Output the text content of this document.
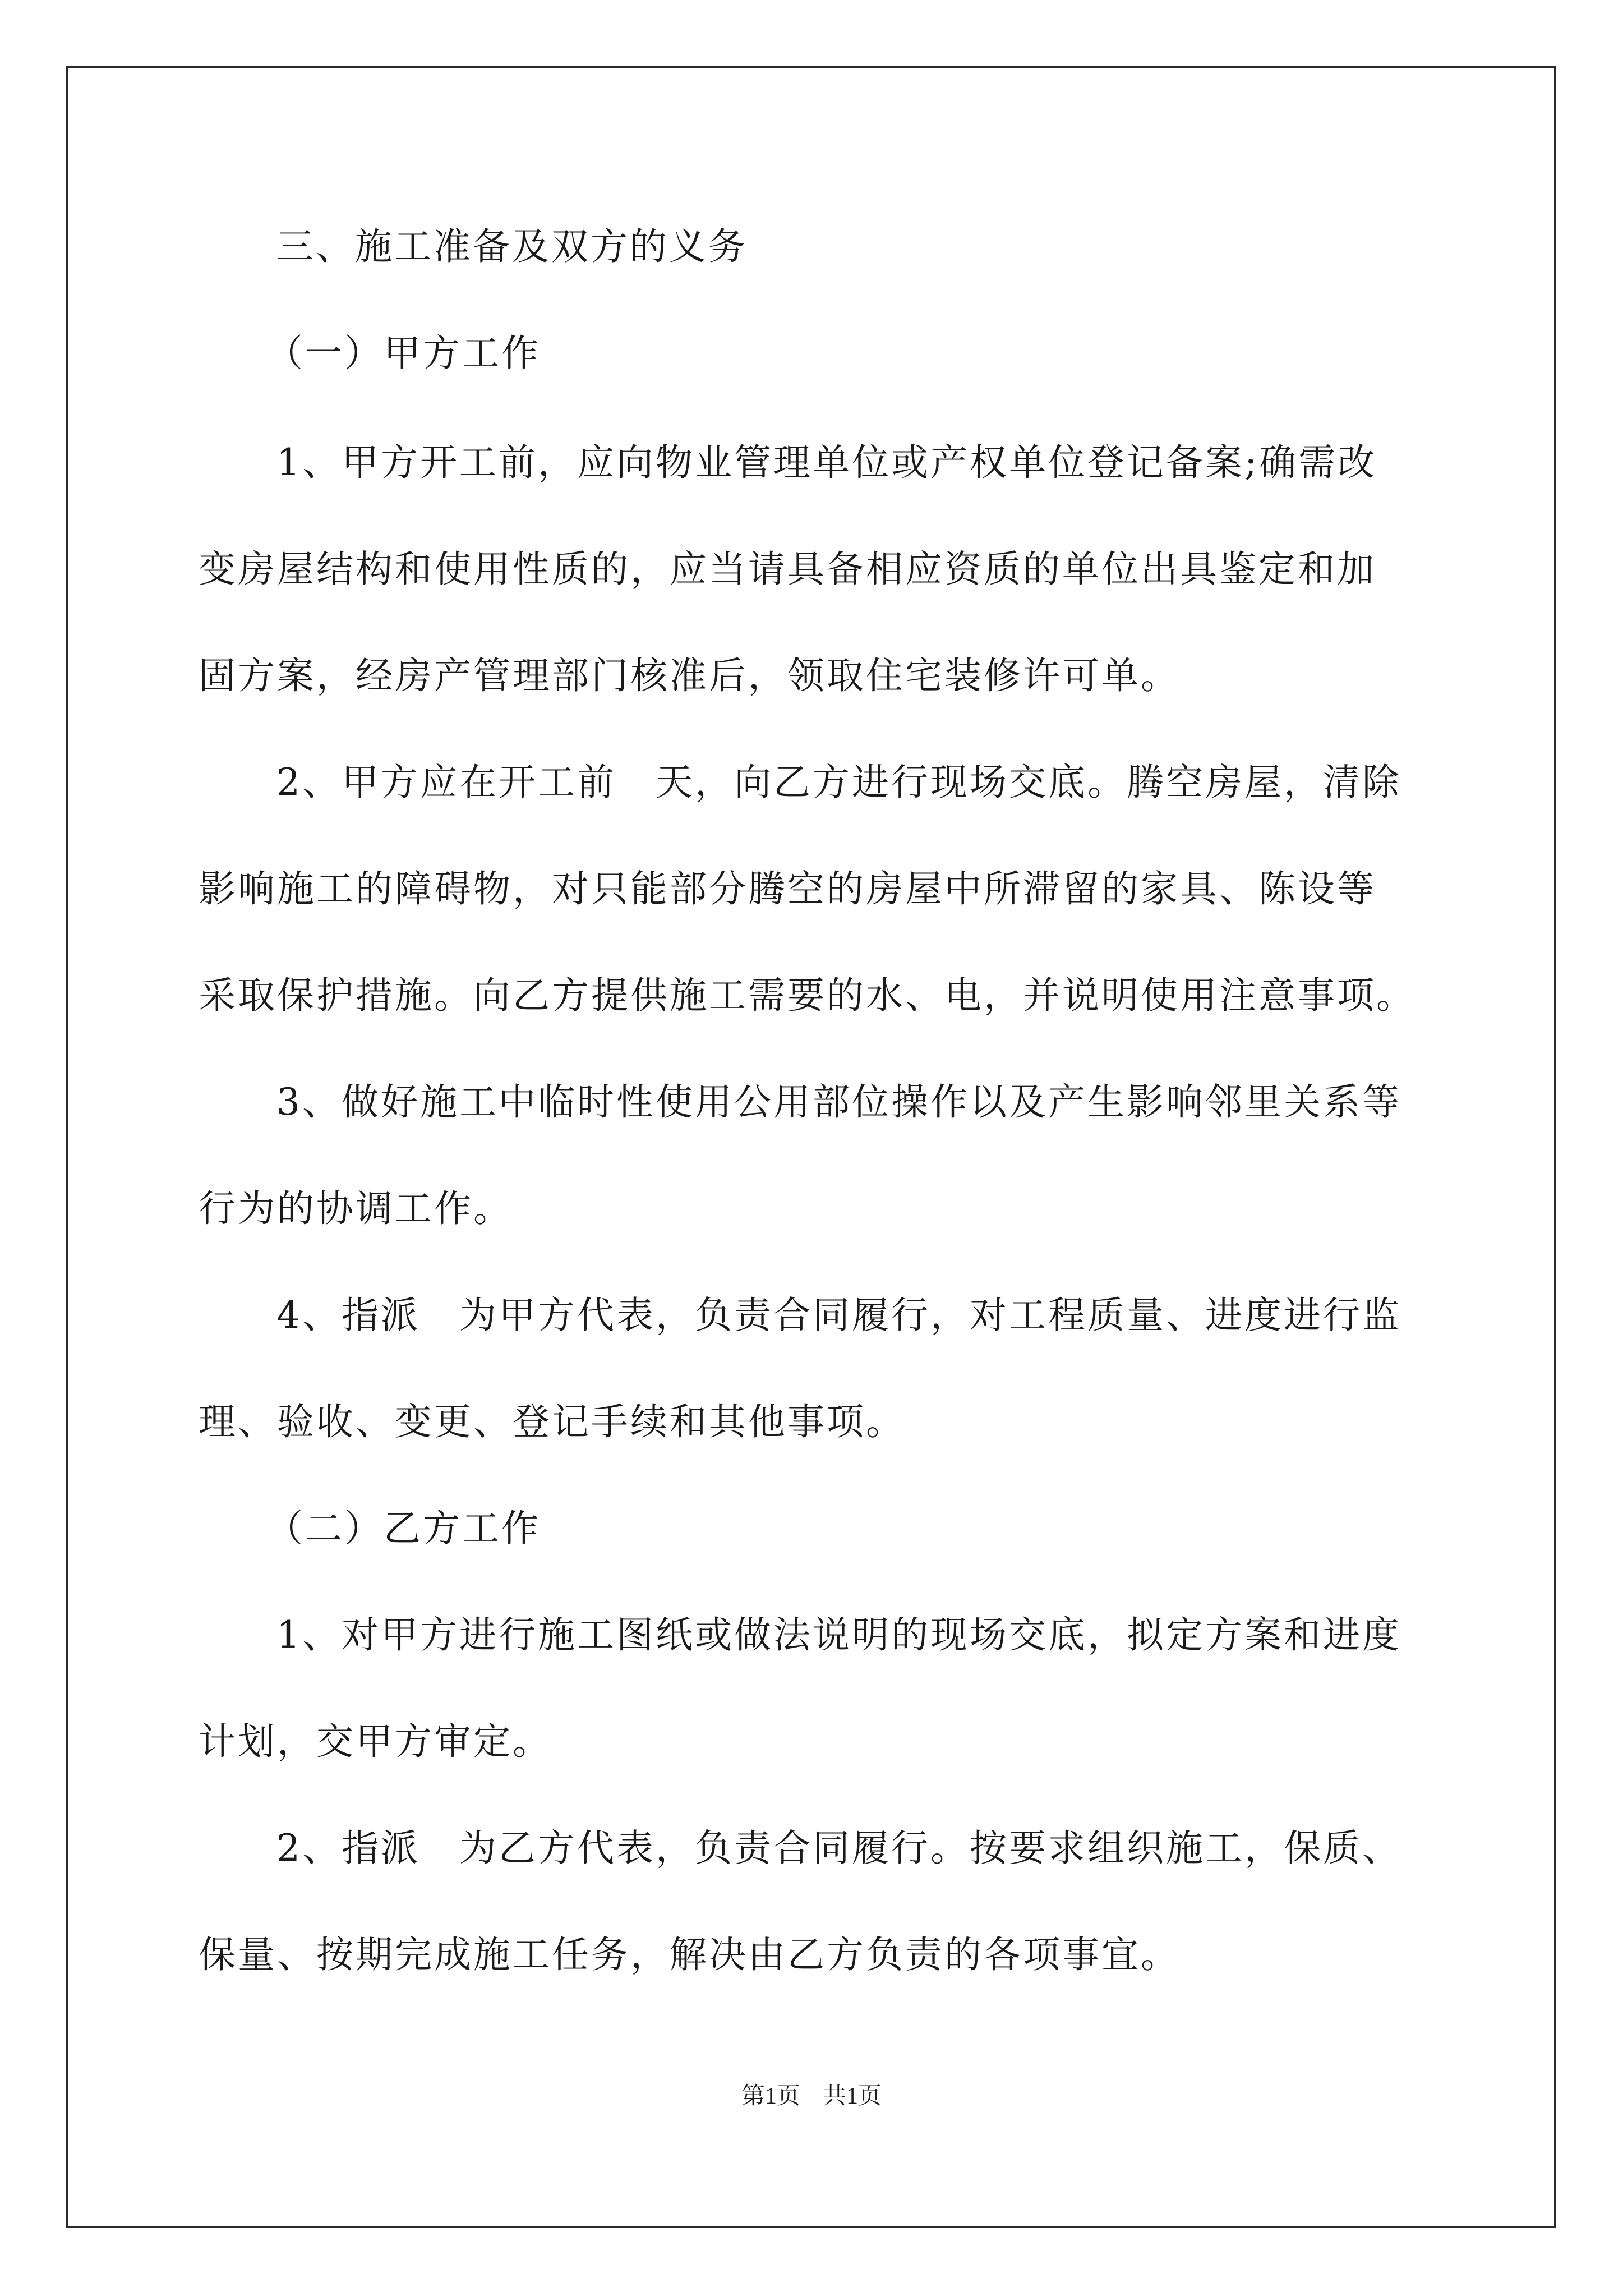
三、施工准备及双方的义务
（一）甲方工作
1、甲方开工前，应向物业管理单位或产权单位登记备案;确需改
变房屋结构和使用性质的，应当请具备相应资质的单位出具鉴定和加
固方案，经房产管理部门核准后，领取住宅装修许可单。
2、甲方应在开工前　天，向乙方进行现场交底。腾空房屋，清除
影响施工的障碍物，对只能部分腾空的房屋中所滞留的家具、陈设等
采取保护措施。向乙方提供施工需要的水、电，并说明使用注意事项。
3、做好施工中临时性使用公用部位操作以及产生影响邻里关系等
行为的协调工作。
4、指派　为甲方代表，负责合同履行，对工程质量、进度进行监
理、验收、变更、登记手续和其他事项。
（二）乙方工作
1、对甲方进行施工图纸或做法说明的现场交底，拟定方案和进度
计划，交甲方审定。
2、指派　为乙方代表，负责合同履行。按要求组织施工，保质、
保量、按期完成施工任务，解决由乙方负责的各项事宜。
第1页 共1页
